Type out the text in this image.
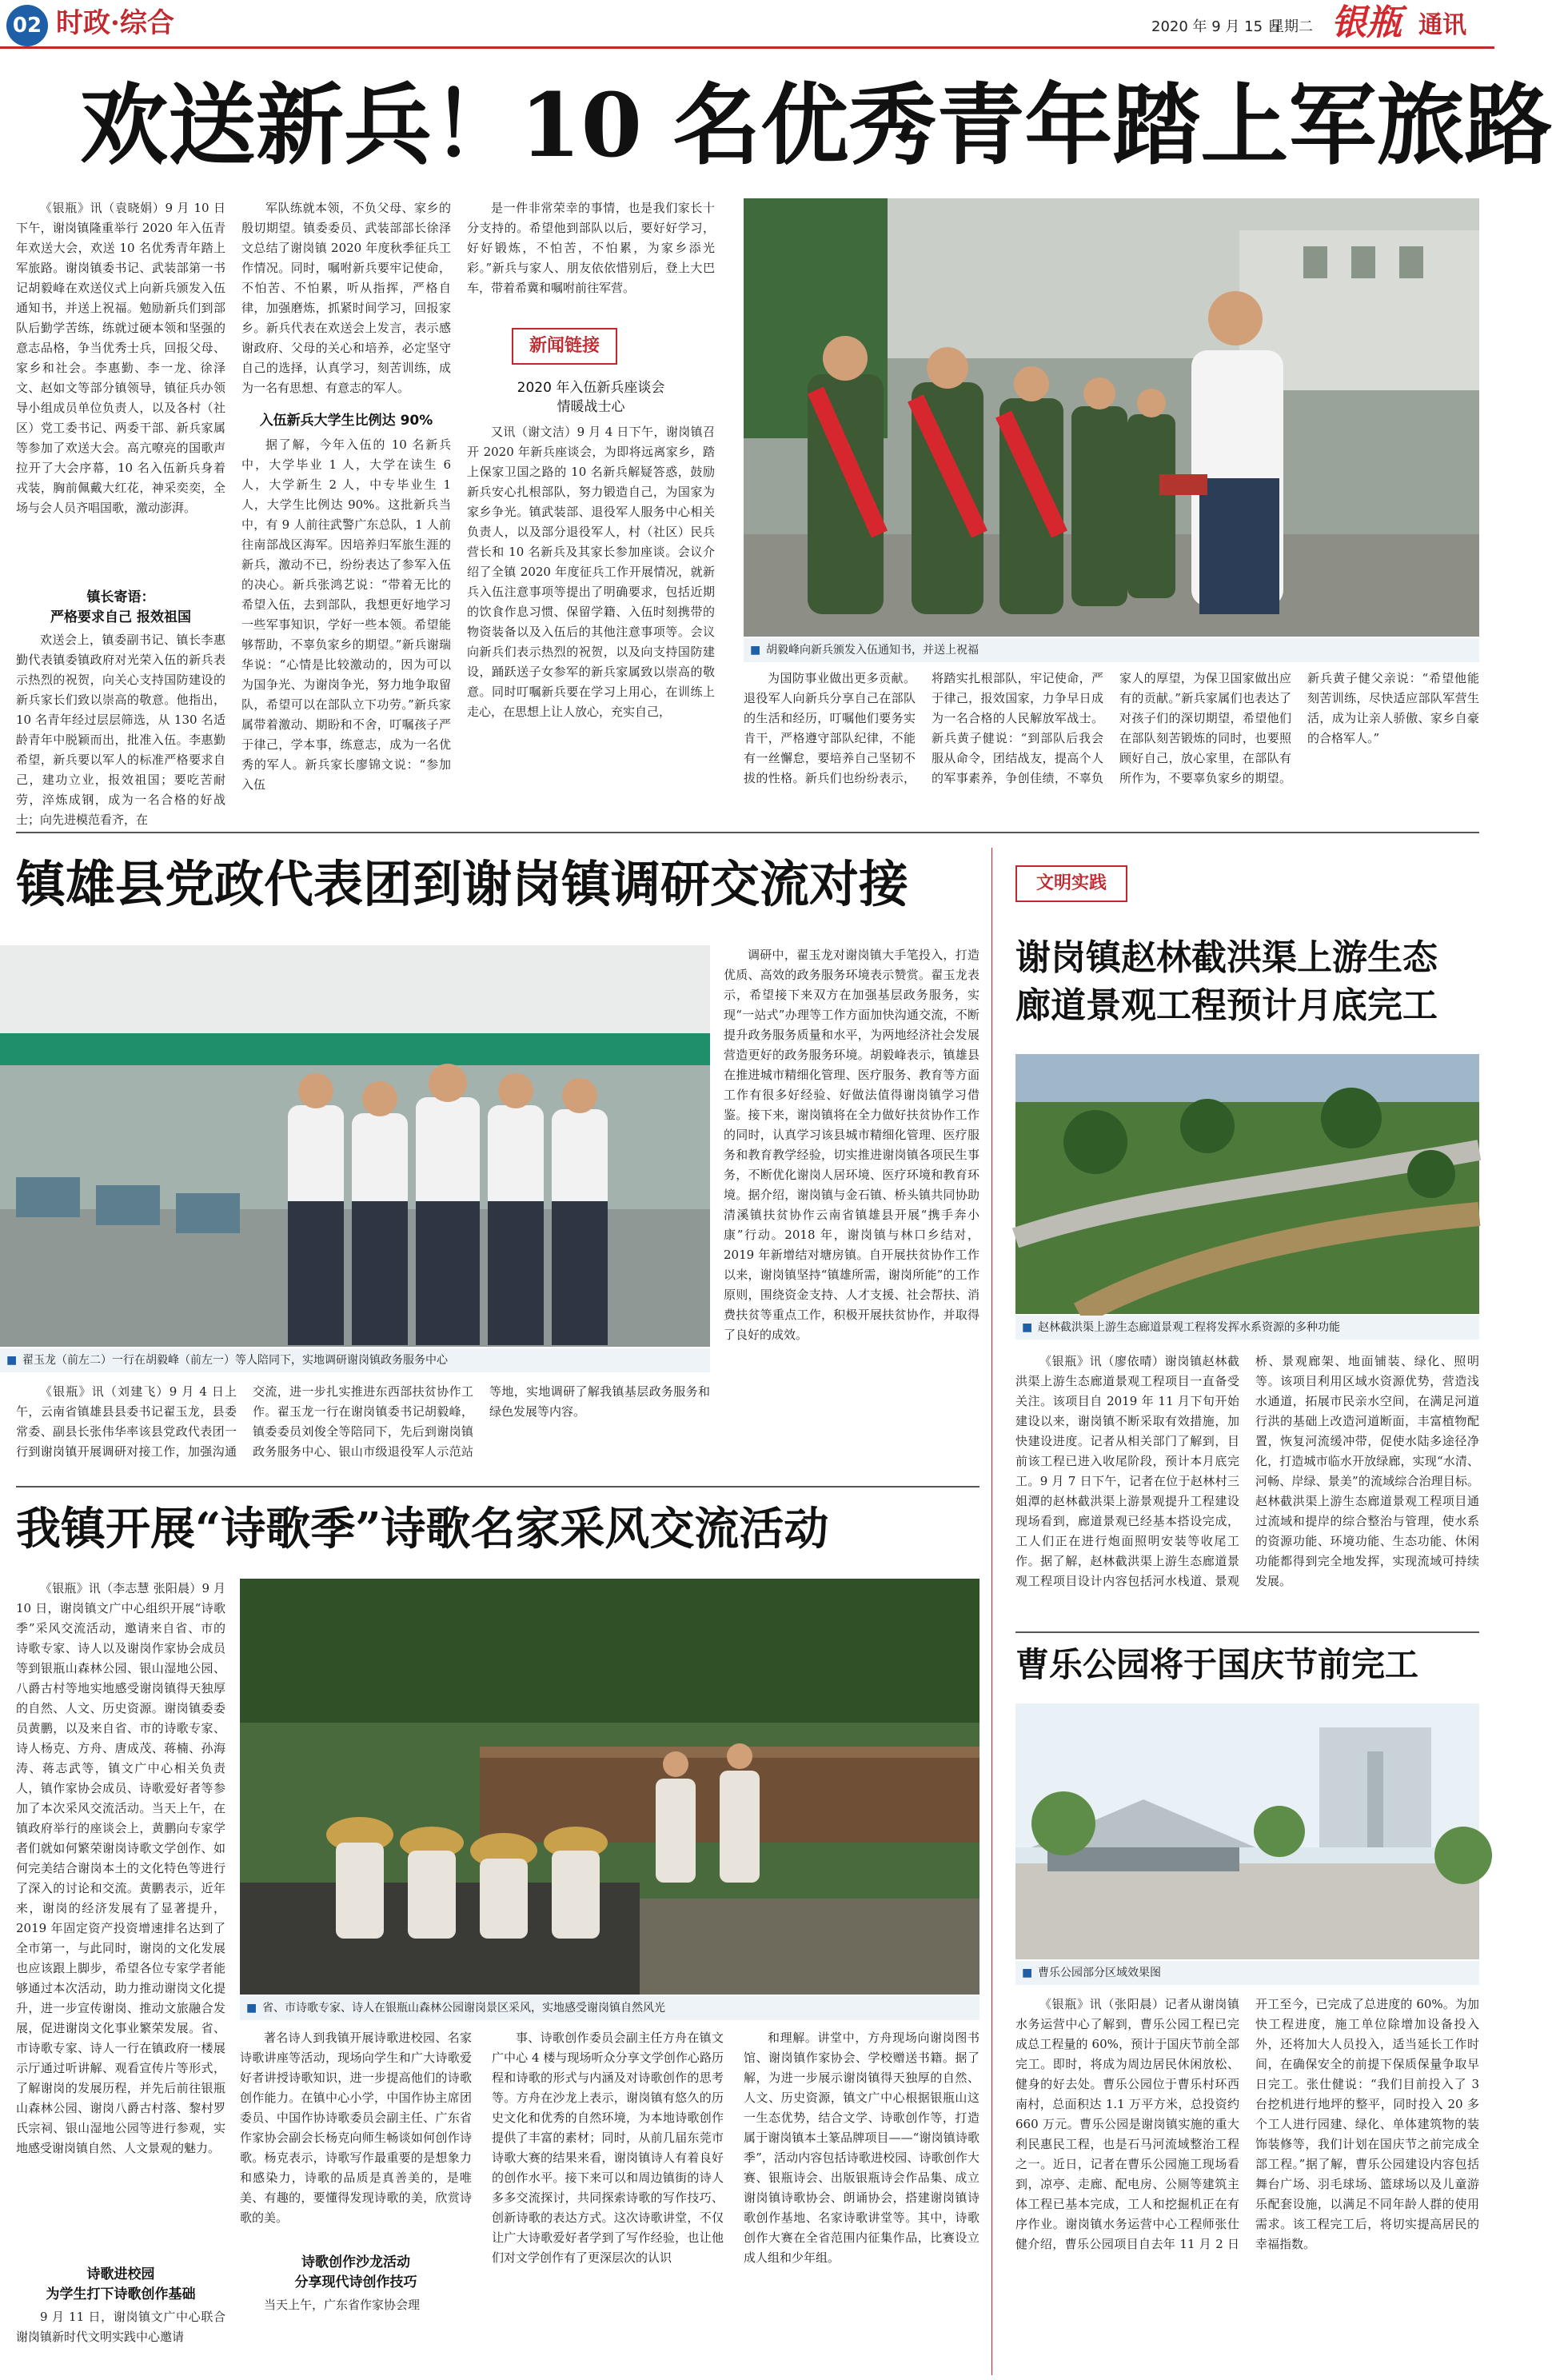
02 时政·综合	2020 年 9 月 15 日
星期二 银瓶 通讯
欢送新兵！10 名优秀青年踏上军旅路
《银瓶》讯（袁晓娟）9 月 10 日下午，谢岗镇隆重举行 2020 年入伍青年欢送大会，欢送 10 名优秀青年踏上军旅路。谢岗镇委书记、武装部第一书记胡毅峰在欢送仪式上向新兵颁发入伍通知书，并送上祝福。勉励新兵们到部队后勤学苦练，练就过硬本领和坚强的意志品格，争当优秀士兵，回报父母、家乡和社会。李惠勤、李一龙、徐泽文、赵如文等部分镇领导，镇征兵办领导小组成员单位负责人，以及各村（社区）党工委书记、两委干部、新兵家属等参加了欢送大会。高亢嘹亮的国歌声拉开了大会序幕，10 名入伍新兵身着戎装，胸前佩戴大红花，神采奕奕，全场与会人员齐唱国歌，激动澎湃。
镇长寄语：
严格要求自己 报效祖国
欢送会上，镇委副书记、镇长李惠勤代表镇委镇政府对光荣入伍的新兵表示热烈的祝贺，向关心支持国防建设的新兵家长们致以崇高的敬意。他指出，10 名青年经过层层筛选，从 130 名适龄青年中脱颖而出，批准入伍。李惠勤希望，新兵要以军人的标准严格要求自己，建功立业，报效祖国；要吃苦耐劳，淬炼成钢，成为一名合格的好战士；向先进模范看齐，在
军队练就本领，不负父母、家乡的殷切期望。镇委委员、武装部部长徐泽文总结了谢岗镇 2020 年度秋季征兵工作情况。同时，嘱咐新兵要牢记使命，不怕苦、不怕累，听从指挥，严格自律，加强磨炼，抓紧时间学习，回报家乡。新兵代表在欢送会上发言，表示感谢政府、父母的关心和培养，必定坚守自己的选择，认真学习，刻苦训练，成为一名有思想、有意志的军人。
入伍新兵大学生比例达 90%
据了解，今年入伍的 10 名新兵中，大学毕业 1 人，大学在读生 6 人，大学新生 2 人，中专毕业生 1 人，大学生比例达 90%。这批新兵当中，有 9 人前往武警广东总队，1 人前往南部战区海军。因培养归军旅生涯的新兵，激动不已，纷纷表达了参军入伍的决心。新兵张鸿艺说：“带着无比的希望入伍，去到部队，我想更好地学习一些军事知识，学好一些本领。希望能够帮助，不辜负家乡的期望。”新兵谢瑞华说：“心情是比较激动的，因为可以为国争光、为谢岗争光，努力地争取留队，希望可以在部队立下功劳。”新兵家属带着激动、期盼和不舍，叮嘱孩子严于律己，学本事，练意志，成为一名优秀的军人。新兵家长廖锦文说：“参加入伍
是一件非常荣幸的事情，也是我们家长十分支持的。希望他到部队以后，要好好学习，好好锻炼，不怕苦，不怕累，为家乡添光彩。”新兵与家人、朋友依依惜别后，登上大巴车，带着希冀和嘱咐前往军营。
新闻链接
2020 年入伍新兵座谈会
情暖战士心
又讯（谢文洁）9 月 4 日下午，谢岗镇召开 2020 年新兵座谈会，为即将远离家乡，踏上保家卫国之路的 10 名新兵解疑答惑，鼓励新兵安心扎根部队，努力锻造自己，为国家为家乡争光。镇武装部、退役军人服务中心相关负责人，以及部分退役军人，村（社区）民兵营长和 10 名新兵及其家长参加座谈。会议介绍了全镇 2020 年度征兵工作开展情况，就新兵入伍注意事项等提出了明确要求，包括近期的饮食作息习惯、保留学籍、入伍时刻携带的物资装备以及入伍后的其他注意事项等。会议向新兵们表示热烈的祝贺，以及向支持国防建设，踊跃送子女参军的新兵家属致以崇高的敬意。同时叮嘱新兵要在学习上用心，在训练上走心，在思想上让人放心，充实自己，
■ 胡毅峰向新兵颁发入伍通知书，并送上祝福
为国防事业做出更多贡献。退役军人向新兵分享自己在部队的生活和经历，叮嘱他们要务实肯干，严格遵守部队纪律，不能有一丝懈怠，要培养自己坚韧不拔的性格。新兵们也纷纷表示，将踏实扎根部队，牢记使命，严于律己，报效国家，力争早日成为一名合格的人民解放军战士。新兵黄子健说：“到部队后我会服从命令，团结战友，提高个人的军事素养，争创佳绩，不辜负家人的厚望，为保卫国家做出应有的贡献。”新兵家属们也表达了对孩子们的深切期望，希望他们在部队刻苦锻炼的同时，也要照顾好自己，放心家里，在部队有所作为，不要辜负家乡的期望。新兵黄子健父亲说：“希望他能刻苦训练，尽快适应部队军营生活，成为让亲人骄傲、家乡自豪的合格军人。”
镇雄县党政代表团到谢岗镇调研交流对接
■ 翟玉龙（前左二）一行在胡毅峰（前左一）等人陪同下，实地调研谢岗镇政务服务中心
调研中，翟玉龙对谢岗镇大手笔投入，打造优质、高效的政务服务环境表示赞赏。翟玉龙表示，希望接下来双方在加强基层政务服务，实现“一站式”办理等工作方面加快沟通交流，不断提升政务服务质量和水平，为两地经济社会发展营造更好的政务服务环境。胡毅峰表示，镇雄县在推进城市精细化管理、医疗服务、教育等方面工作有很多好经验、好做法值得谢岗镇学习借鉴。接下来，谢岗镇将在全力做好扶贫协作工作的同时，认真学习该县城市精细化管理、医疗服务和教育教学经验，切实推进谢岗镇各项民生事务，不断优化谢岗人居环境、医疗环境和教育环境。据介绍，谢岗镇与金石镇、桥头镇共同协助清溪镇扶贫协作云南省镇雄县开展“携手奔小康”行动。2018 年，谢岗镇与林口乡结对，2019 年新增结对塘房镇。自开展扶贫协作工作以来，谢岗镇坚持“镇雄所需，谢岗所能”的工作原则，围绕资金支持、人才支援、社会帮扶、消费扶贫等重点工作，积极开展扶贫协作，并取得了良好的成效。
《银瓶》讯（刘建飞）9 月 4 日上午，云南省镇雄县县委书记翟玉龙，县委常委、副县长张伟华率该县党政代表团一行到谢岗镇开展调研对接工作，加强沟通交流，进一步扎实推进东西部扶贫协作工作。翟玉龙一行在谢岗镇委书记胡毅峰，镇委委员刘俊全等陪同下，先后到谢岗镇政务服务中心、银山市级退役军人示范站等地，实地调研了解我镇基层政务服务和绿色发展等内容。
我镇开展“诗歌季”诗歌名家采风交流活动
《银瓶》讯（李志慧 张阳晨）9 月 10 日，谢岗镇文广中心组织开展“诗歌季”采风交流活动，邀请来自省、市的诗歌专家、诗人以及谢岗作家协会成员等到银瓶山森林公园、银山湿地公园、八爵古村等地实地感受谢岗镇得天独厚的自然、人文、历史资源。谢岗镇委委员黄鹏，以及来自省、市的诗歌专家、诗人杨克、方舟、唐成茂、蒋楠、孙海涛、蒋志武等，镇文广中心相关负责人，镇作家协会成员、诗歌爱好者等参加了本次采风交流活动。当天上午，在镇政府举行的座谈会上，黄鹏向专家学者们就如何繁荣谢岗诗歌文学创作、如何完美结合谢岗本土的文化特色等进行了深入的讨论和交流。黄鹏表示，近年来，谢岗的经济发展有了显著提升，2019 年固定资产投资增速排名达到了全市第一，与此同时，谢岗的文化发展也应该跟上脚步，希望各位专家学者能够通过本次活动，助力推动谢岗文化提升，进一步宣传谢岗、推动文旅融合发展，促进谢岗文化事业繁荣发展。省、市诗歌专家、诗人一行在镇政府一楼展示厅通过听讲解、观看宣传片等形式，了解谢岗的发展历程，并先后前往银瓶山森林公园、谢岗八爵古村落、黎村罗氏宗祠、银山湿地公园等进行参观，实地感受谢岗镇自然、人文景观的魅力。
诗歌进校园
为学生打下诗歌创作基础
9 月 11 日，谢岗镇文广中心联合谢岗镇新时代文明实践中心邀请
■ 省、市诗歌专家、诗人在银瓶山森林公园谢岗景区采风，实地感受谢岗镇自然风光
著名诗人到我镇开展诗歌进校园、名家诗歌讲座等活动，现场向学生和广大诗歌爱好者讲授诗歌知识，进一步提高他们的诗歌创作能力。在镇中心小学，中国作协主席团委员、中国作协诗歌委员会副主任、广东省作家协会副会长杨克向师生畅谈如何创作诗歌。杨克表示，诗歌写作最重要的是想象力和感染力，诗歌的品质是真善美的，是唯美、有趣的，要懂得发现诗歌的美，欣赏诗歌的美。
诗歌创作沙龙活动
分享现代诗创作技巧
当天上午，广东省作家协会理
事、诗歌创作委员会副主任方舟在镇文广中心 4 楼与现场听众分享文学创作心路历程和诗歌的形式与内涵及对诗歌创作的思考等。方舟在沙龙上表示，谢岗镇有悠久的历史文化和优秀的自然环境，为本地诗歌创作提供了丰富的素材；同时，从前几届东莞市诗歌大赛的结果来看，谢岗镇诗人有着良好的创作水平。接下来可以和周边镇街的诗人多多交流探讨，共同探索诗歌的写作技巧、创新诗歌的表达方式。这次诗歌讲堂，不仅让广大诗歌爱好者学到了写作经验，也让他们对文学创作有了更深层次的认识
和理解。讲堂中，方舟现场向谢岗图书馆、谢岗镇作家协会、学校赠送书籍。据了解，为进一步展示谢岗镇得天独厚的自然、人文、历史资源，镇文广中心根据银瓶山这一生态优势，结合文学、诗歌创作等，打造属于谢岗镇本土篆品牌项目——“谢岗镇诗歌季”，活动内容包括诗歌进校园、诗歌创作大赛、银瓶诗会、出版银瓶诗会作品集、成立谢岗镇诗歌协会、朗诵协会，搭建谢岗镇诗歌创作基地、名家诗歌讲堂等。其中，诗歌创作大赛在全省范围内征集作品，比赛设立成人组和少年组。
文明实践
谢岗镇赵林截洪渠上游生态
廊道景观工程预计月底完工
■ 赵林截洪渠上游生态廊道景观工程将发挥水系资源的多种功能
《银瓶》讯（廖依晴）谢岗镇赵林截洪渠上游生态廊道景观工程项目一直备受关注。该项目自 2019 年 11 月下旬开始建设以来，谢岗镇不断采取有效措施，加快建设进度。记者从相关部门了解到，目前该工程已进入收尾阶段，预计本月底完工。9 月 7 日下午，记者在位于赵林村三姐潭的赵林截洪渠上游景观提升工程建设现场看到，廊道景观已经基本搭设完成，工人们正在进行炮面照明安装等收尾工作。据了解，赵林截洪渠上游生态廊道景观工程项目设计内容包括河水栈道、景观桥、景观廊架、地面铺装、绿化、照明等。该项目利用区域水资源优势，营造浅水通道，拓展市民亲水空间，在满足河道行洪的基础上改造河道断面，丰富植物配置，恢复河流缓冲带，促使水陆多途径净化，打造城市临水开放绿廊，实现“水清、河畅、岸绿、景美”的流域综合治理目标。赵林截洪渠上游生态廊道景观工程项目通过流域和提岸的综合整治与管理，使水系的资源功能、环境功能、生态功能、休闲功能都得到完全地发挥，实现流域可持续发展。
曹乐公园将于国庆节前完工
■ 曹乐公园部分区域效果图
《银瓶》讯（张阳晨）记者从谢岗镇水务运营中心了解到，曹乐公园工程已完成总工程量的 60%，预计于国庆节前全部完工。即时，将成为周边居民休闲放松、健身的好去处。曹乐公园位于曹乐村环西南村，总面积达 1.1 万平方米，总投资约 660 万元。曹乐公园是谢岗镇实施的重大利民惠民工程，也是石马河流域整治工程之一。近日，记者在曹乐公园施工现场看到，凉亭、走廊、配电房、公厕等建筑主体工程已基本完成，工人和挖掘机正在有序作业。谢岗镇水务运营中心工程师张仕健介绍，曹乐公园项目自去年 11 月 2 日开工至今，已完成了总进度的 60%。为加快工程进度，施工单位除增加设备投入外，还将加大人员投入，适当延长工作时间，在确保安全的前提下保质保量争取早日完工。张仕健说：“我们目前投入了 3 台挖机进行地坪的整平，同时投入 20 多个工人进行园建、绿化、单体建筑物的装饰装修等，我们计划在国庆节之前完成全部工程。”据了解，曹乐公园建设内容包括舞台广场、羽毛球场、篮球场以及儿童游乐配套设施，以满足不同年龄人群的使用需求。该工程完工后，将切实提高居民的幸福指数。
